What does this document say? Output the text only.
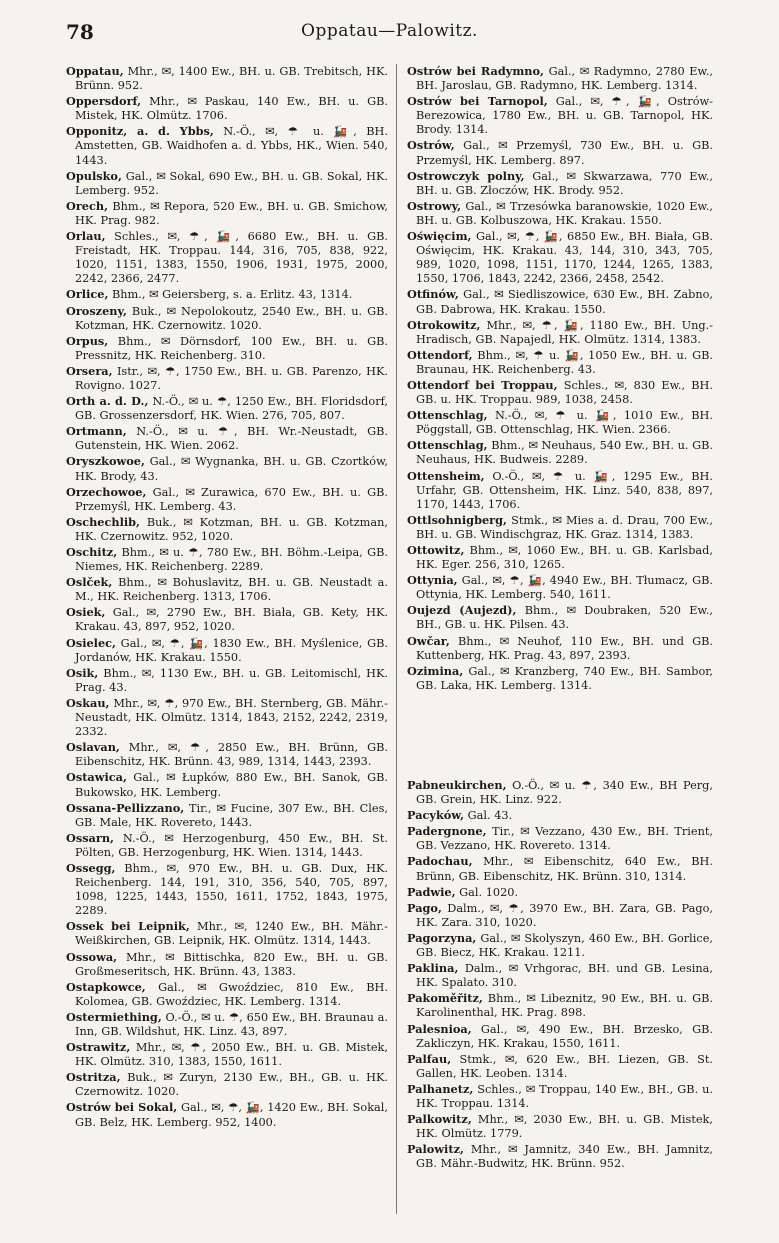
78	Oppatau—Palowitz.
Oppatau, Mhr., ✉, 1400 Ew., BH. u. GB. Trebitsch, HK. Brünn. 952.
Oppersdorf, Mhr., ✉ Paskau, 140 Ew., BH. u. GB. Mistek, HK. Olmütz. 1706.
Opponitz, a. d. Ybbs, N.-Ö., ✉, ☂ u. 🚂, BH. Amstetten, GB. Waidhofen a. d. Ybbs, HK., Wien. 540, 1443.
Opulsko, Gal., ✉ Sokal, 690 Ew., BH. u. GB. Sokal, HK. Lemberg. 952.
Orech, Bhm., ✉ Repora, 520 Ew., BH. u. GB. Smichow, HK. Prag. 982.
Orlau, Schles., ✉, ☂, 🚂, 6680 Ew., BH. u. GB. Freistadt, HK. Troppau. 144, 316, 705, 838, 922, 1020, 1151, 1383, 1550, 1906, 1931, 1975, 2000, 2242, 2366, 2477.
Orlice, Bhm., ✉ Geiersberg, s. a. Erlitz. 43, 1314.
Oroszeny, Buk., ✉ Nepolokoutz, 2540 Ew., BH. u. GB. Kotzman, HK. Czernowitz. 1020.
Orpus, Bhm., ✉ Dörnsdorf, 100 Ew., BH. u. GB. Pressnitz, HK. Reichenberg. 310.
Orsera, Istr., ✉, ☂, 1750 Ew., BH. u. GB. Parenzo, HK. Rovigno. 1027.
Orth a. d. D., N.-Ö., ✉ u. ☂, 1250 Ew., BH. Floridsdorf, GB. Grossenzersdorf, HK. Wien. 276, 705, 807.
Ortmann, N.-Ö., ✉ u. ☂, BH. Wr.-Neustadt, GB. Gutenstein, HK. Wien. 2062.
Oryszkowoe, Gal., ✉ Wygnanka, BH. u. GB. Czortków, HK. Brody, 43.
Orzechowoe, Gal., ✉ Zurawica, 670 Ew., BH. u. GB. Przemyśl, HK. Lemberg. 43.
Oschechlib, Buk., ✉ Kotzman, BH. u. GB. Kotzman, HK. Czernowitz. 952, 1020.
Oschitz, Bhm., ✉ u. ☂, 780 Ew., BH. Böhm.-Leipa, GB. Niemes, HK. Reichenberg. 2289.
Oslček, Bhm., ✉ Bohuslavitz, BH. u. GB. Neustadt a. M., HK. Reichenberg. 1313, 1706.
Osiek, Gal., ✉, 2790 Ew., BH. Biała, GB. Kety, HK. Krakau. 43, 897, 952, 1020.
Osielec, Gal., ✉, ☂, 🚂, 1830 Ew., BH. Myślenice, GB. Jordanów, HK. Krakau. 1550.
Osik, Bhm., ✉, 1130 Ew., BH. u. GB. Leitomischl, HK. Prag. 43.
Oskau, Mhr., ✉, ☂, 970 Ew., BH. Sternberg, GB. Mähr.-Neustadt, HK. Olmütz. 1314, 1843, 2152, 2242, 2319, 2332.
Oslavan, Mhr., ✉, ☂, 2850 Ew., BH. Brünn, GB. Eibenschitz, HK. Brünn. 43, 989, 1314, 1443, 2393.
Ostawica, Gal., ✉ Łupków, 880 Ew., BH. Sanok, GB. Bukowsko, HK. Lemberg.
Ossana-Pellizzano, Tir., ✉ Fucine, 307 Ew., BH. Cles, GB. Male, HK. Rovereto, 1443.
Ossarn, N.-Ö., ✉ Herzogenburg, 450 Ew., BH. St. Pölten, GB. Herzogenburg, HK. Wien. 1314, 1443.
Ossegg, Bhm., ✉, 970 Ew., BH. u. GB. Dux, HK. Reichenberg. 144, 191, 310, 356, 540, 705, 897, 1098, 1225, 1443, 1550, 1611, 1752, 1843, 1975, 2289.
Ossek bei Leipnik, Mhr., ✉, 1240 Ew., BH. Mähr.-Weißkirchen, GB. Leipnik, HK. Olmütz. 1314, 1443.
Ossowa, Mhr., ✉ Bittischka, 820 Ew., BH. u. GB. Großmeseritsch, HK. Brünn. 43, 1383.
Ostapkowce, Gal., ✉ Gwoździec, 810 Ew., BH. Kolomea, GB. Gwoździec, HK. Lemberg. 1314.
Ostermiething, O.-Ö., ✉ u. ☂, 650 Ew., BH. Braunau a. Inn, GB. Wildshut, HK. Linz. 43, 897.
Ostrawitz, Mhr., ✉, ☂, 2050 Ew., BH. u. GB. Mistek, HK. Olmütz. 310, 1383, 1550, 1611.
Ostritza, Buk., ✉ Zuryn, 2130 Ew., BH., GB. u. HK. Czernowitz. 1020.
Ostrów bei Sokal, Gal., ✉, ☂, 🚂, 1420 Ew., BH. Sokal, GB. Belz, HK. Lemberg. 952, 1400.
Ostrów bei Radymno, Gal., ✉ Radymno, 2780 Ew., BH. Jaroslau, GB. Radymno, HK. Lemberg. 1314.
Ostrów bei Tarnopol, Gal., ✉, ☂, 🚂, Ostrów-Berezowica, 1780 Ew., BH. u. GB. Tarnopol, HK. Brody. 1314.
Ostrów, Gal., ✉ Przemyśl, 730 Ew., BH. u. GB. Przemyśl, HK. Lemberg. 897.
Ostrowczyk polny, Gal., ✉ Skwarzawa, 770 Ew., BH. u. GB. Złoczów, HK. Brody. 952.
Ostrowy, Gal., ✉ Trzesówka baranowskie, 1020 Ew., BH. u. GB. Kolbuszowa, HK. Krakau. 1550.
Oświęcim, Gal., ✉, ☂, 🚂, 6850 Ew., BH. Biała, GB. Oświęcim, HK. Krakau. 43, 144, 310, 343, 705, 989, 1020, 1098, 1151, 1170, 1244, 1265, 1383, 1550, 1706, 1843, 2242, 2366, 2458, 2542.
Otfinów, Gal., ✉ Siedliszowice, 630 Ew., BH. Zabno, GB. Dabrowa, HK. Krakau. 1550.
Otrokowitz, Mhr., ✉, ☂, 🚂, 1180 Ew., BH. Ung.-Hradisch, GB. Napajedl, HK. Olmütz. 1314, 1383.
Ottendorf, Bhm., ✉, ☂ u. 🚂, 1050 Ew., BH. u. GB. Braunau, HK. Reichenberg. 43.
Ottendorf bei Troppau, Schles., ✉, 830 Ew., BH. GB. u. HK. Troppau. 989, 1038, 2458.
Ottenschlag, N.-Ö., ✉, ☂ u. 🚂, 1010 Ew., BH. Pöggstall, GB. Ottenschlag, HK. Wien. 2366.
Ottenschlag, Bhm., ✉ Neuhaus, 540 Ew., BH. u. GB. Neuhaus, HK. Budweis. 2289.
Ottensheim, O.-Ö., ✉, ☂ u. 🚂, 1295 Ew., BH. Urfahr, GB. Ottensheim, HK. Linz. 540, 838, 897, 1170, 1443, 1706.
Ottlsohnigberg, Stmk., ✉ Mies a. d. Drau, 700 Ew., BH. u. GB. Windischgraz, HK. Graz. 1314, 1383.
Ottowitz, Bhm., ✉, 1060 Ew., BH. u. GB. Karlsbad, HK. Eger. 256, 310, 1265.
Ottynia, Gal., ✉, ☂, 🚂, 4940 Ew., BH. Tłumacz, GB. Ottynia, HK. Lemberg. 540, 1611.
Oujezd (Aujezd), Bhm., ✉ Doubraken, 520 Ew., BH., GB. u. HK. Pilsen. 43.
Owčar, Bhm., ✉ Neuhof, 110 Ew., BH. und GB. Kuttenberg, HK. Prag. 43, 897, 2393.
Ozimina, Gal., ✉ Kranzberg, 740 Ew., BH. Sambor, GB. Laka, HK. Lemberg. 1314.
Pabneukirchen, O.-Ö., ✉ u. ☂, 340 Ew., BH Perg, GB. Grein, HK. Linz. 922.
Pacyków, Gal. 43.
Padergnone, Tir., ✉ Vezzano, 430 Ew., BH. Trient, GB. Vezzano, HK. Rovereto. 1314.
Padochau, Mhr., ✉ Eibenschitz, 640 Ew., BH. Brünn, GB. Eibenschitz, HK. Brünn. 310, 1314.
Padwie, Gal. 1020.
Pago, Dalm., ✉, ☂, 3970 Ew., BH. Zara, GB. Pago, HK. Zara. 310, 1020.
Pagorzyna, Gal., ✉ Skolyszyn, 460 Ew., BH. Gorlice, GB. Biecz, HK. Krakau. 1211.
Paklina, Dalm., ✉ Vrhgorac, BH. und GB. Lesina, HK. Spalato. 310.
Pakoměřitz, Bhm., ✉ Libeznitz, 90 Ew., BH. u. GB. Karolinenthal, HK. Prag. 898.
Palesnioa, Gal., ✉, 490 Ew., BH. Brzesko, GB. Zakliczyn, HK. Krakau, 1550, 1611.
Palfau, Stmk., ✉, 620 Ew., BH. Liezen, GB. St. Gallen, HK. Leoben. 1314.
Palhanetz, Schles., ✉ Troppau, 140 Ew., BH., GB. u. HK. Troppau. 1314.
Palkowitz, Mhr., ✉, 2030 Ew., BH. u. GB. Mistek, HK. Olmütz. 1779.
Palowitz, Mhr., ✉ Jamnitz, 340 Ew., BH. Jamnitz, GB. Mähr.-Budwitz, HK. Brünn. 952.
